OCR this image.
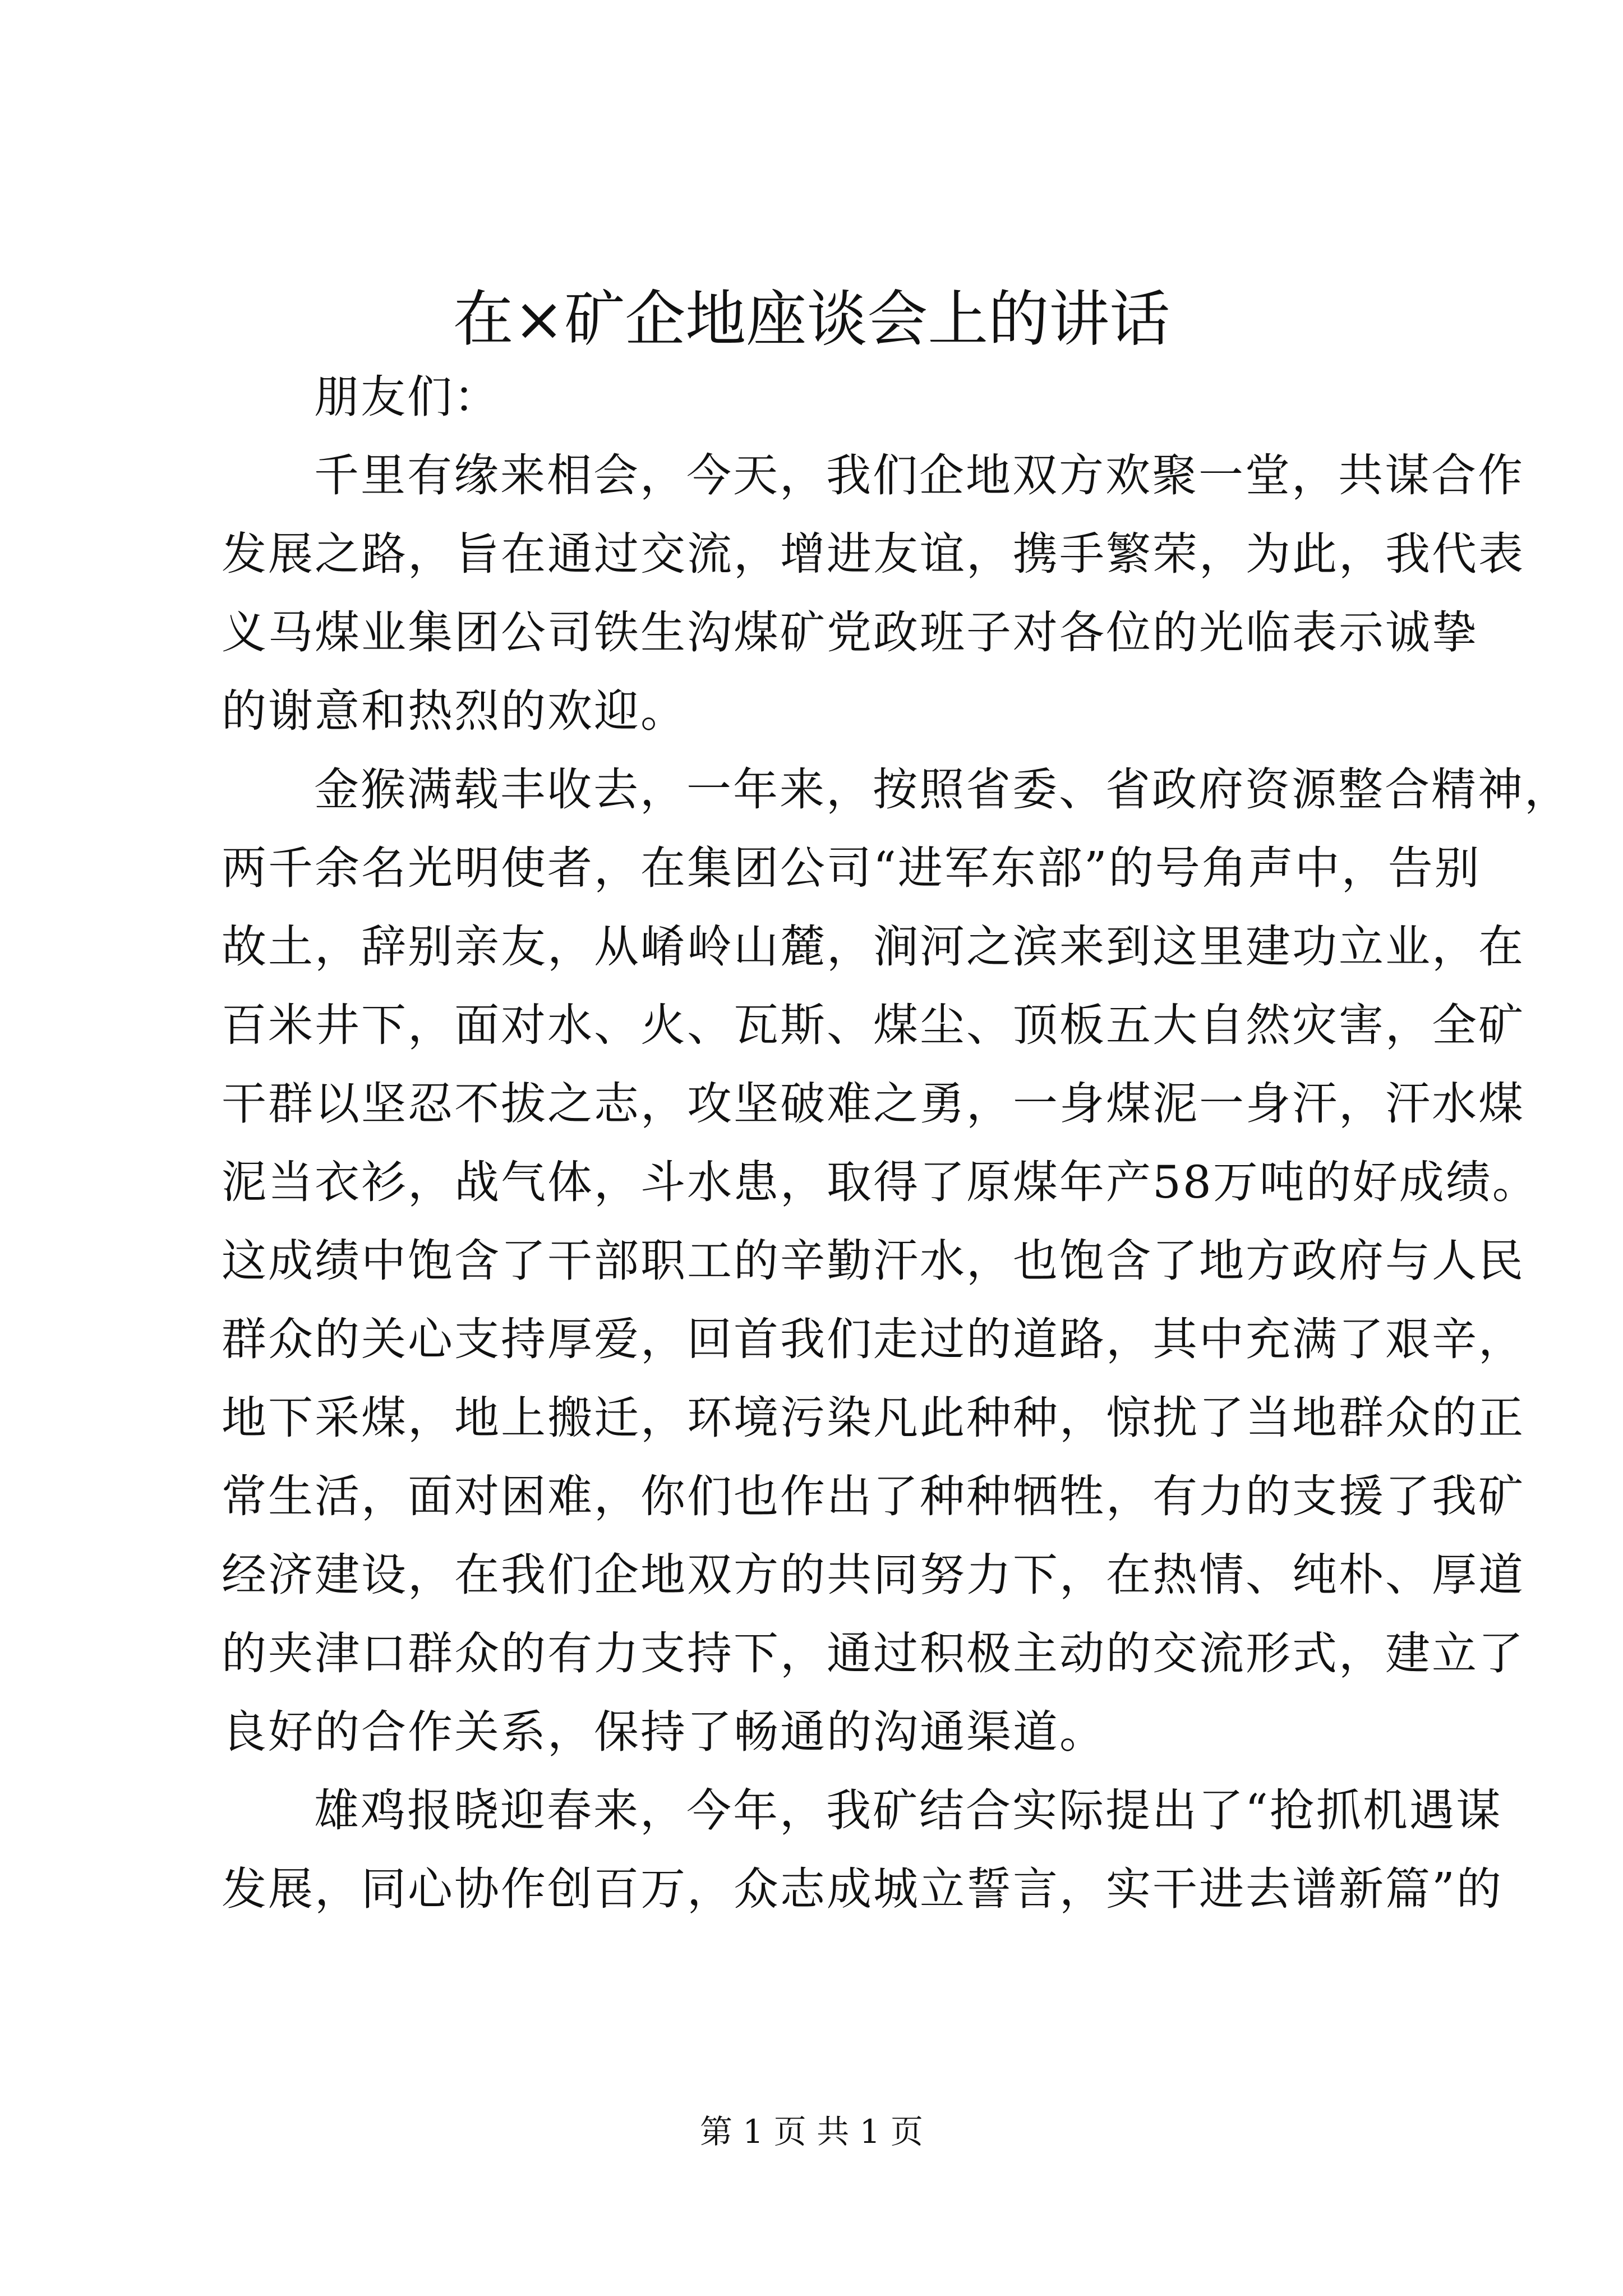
在×矿企地座谈会上的讲话
朋友们：
千里有缘来相会，今天，我们企地双方欢聚一堂，共谋合作
发展之路，旨在通过交流，增进友谊，携手繁荣，为此，我代表
义马煤业集团公司铁生沟煤矿党政班子对各位的光临表示诚挚
的谢意和热烈的欢迎。
金猴满载丰收去，一年来，按照省委、省政府资源整合精神，
两千余名光明使者，在集团公司“进军东部”的号角声中，告别
故土，辞别亲友，从崤岭山麓，涧河之滨来到这里建功立业，在
百米井下，面对水、火、瓦斯、煤尘、顶板五大自然灾害，全矿
干群以坚忍不拔之志，攻坚破难之勇，一身煤泥一身汗，汗水煤
泥当衣衫，战气体，斗水患，取得了原煤年产58万吨的好成绩。
这成绩中饱含了干部职工的辛勤汗水，也饱含了地方政府与人民
群众的关心支持厚爱，回首我们走过的道路，其中充满了艰辛，
地下采煤，地上搬迁，环境污染凡此种种，惊扰了当地群众的正
常生活，面对困难，你们也作出了种种牺牲，有力的支援了我矿
经济建设，在我们企地双方的共同努力下，在热情、纯朴、厚道
的夹津口群众的有力支持下，通过积极主动的交流形式，建立了
良好的合作关系，保持了畅通的沟通渠道。
雄鸡报晓迎春来，今年，我矿结合实际提出了“抢抓机遇谋
发展，同心协作创百万，众志成城立誓言，实干进去谱新篇”的
第 1 页 共 1 页
